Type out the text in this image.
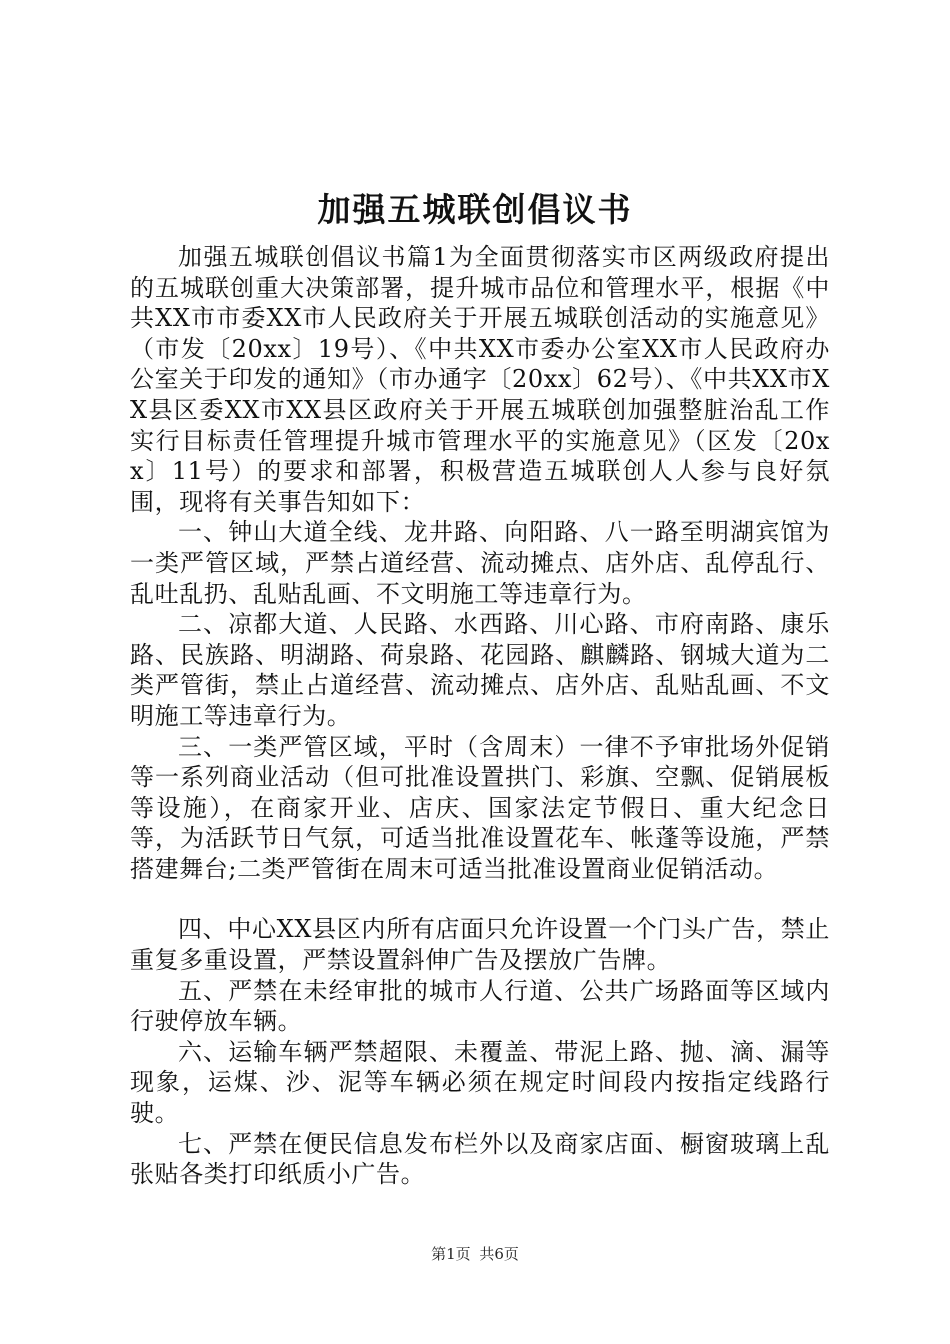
加强五城联创倡议书

加强五城联创倡议书篇1为全面贯彻落实市区两级政府提出的五城联创重大决策部署，提升城市品位和管理水平，根据《中共XX市市委XX市人民政府关于开展五城联创活动的实施意见》（市发〔20xx〕19号）、《中共XX市委办公室XX市人民政府办公室关于印发的通知》（市办通字〔20xx〕62号）、《中共XX市XX县区委XX市XX县区政府关于开展五城联创加强整脏治乱工作实行目标责任管理提升城市管理水平的实施意见》（区发〔20xx〕11号）的要求和部署，积极营造五城联创人人参与良好氛围，现将有关事告知如下：

一、钟山大道全线、龙井路、向阳路、八一路至明湖宾馆为一类严管区域，严禁占道经营、流动摊点、店外店、乱停乱行、乱吐乱扔、乱贴乱画、不文明施工等违章行为。

二、凉都大道、人民路、水西路、川心路、市府南路、康乐路、民族路、明湖路、荷泉路、花园路、麒麟路、钢城大道为二类严管街，禁止占道经营、流动摊点、店外店、乱贴乱画、不文明施工等违章行为。

三、一类严管区域，平时（含周末）一律不予审批场外促销等一系列商业活动（但可批准设置拱门、彩旗、空飘、促销展板等设施），在商家开业、店庆、国家法定节假日、重大纪念日等，为活跃节日气氛，可适当批准设置花车、帐蓬等设施，严禁搭建舞台;二类严管街在周末可适当批准设置商业促销活动。

四、中心XX县区内所有店面只允许设置一个门头广告，禁止重复多重设置，严禁设置斜伸广告及摆放广告牌。

五、严禁在未经审批的城市人行道、公共广场路面等区域内行驶停放车辆。

六、运输车辆严禁超限、未覆盖、带泥上路、抛、滴、漏等现象，运煤、沙、泥等车辆必须在规定时间段内按指定线路行驶。

七、严禁在便民信息发布栏外以及商家店面、橱窗玻璃上乱张贴各类打印纸质小广告。

第1页 共6页
